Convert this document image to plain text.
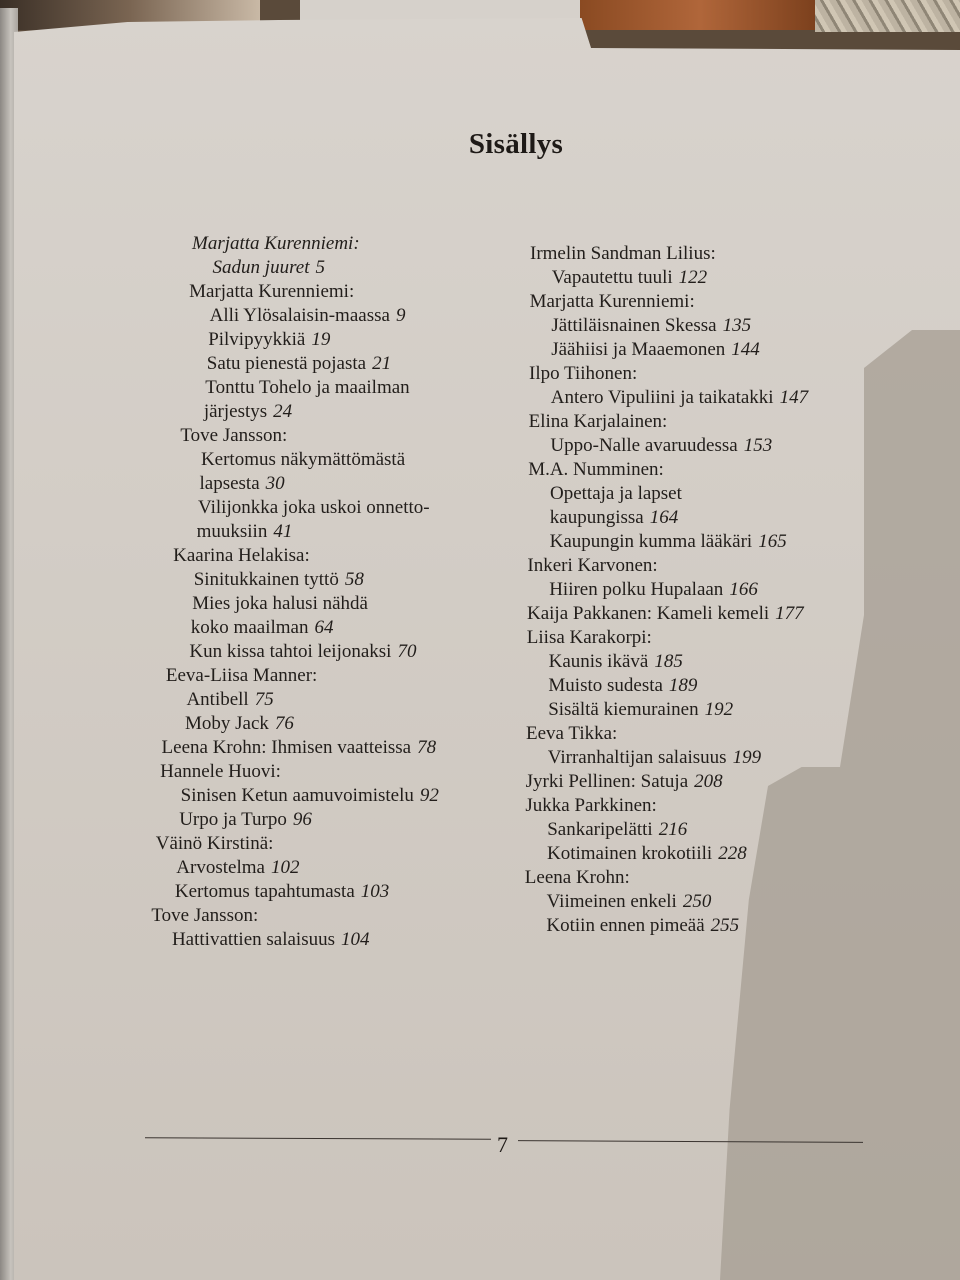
Sisällys
Marjatta Kurenniemi:
Sadun juuret 5
Marjatta Kurenniemi:
Alli Ylösalaisin-maassa 9
Pilvipyykkiä 19
Satu pienestä pojasta 21
Tonttu Tohelo ja maailman
järjestys 24
Tove Jansson:
Kertomus näkymättömästä
lapsesta 30
Vilijonkka joka uskoi onnetto-
muuksiin 41
Kaarina Helakisa:
Sinitukkainen tyttö 58
Mies joka halusi nähdä
koko maailman 64
Kun kissa tahtoi leijonaksi 70
Eeva-Liisa Manner:
Antibell 75
Moby Jack 76
Leena Krohn: Ihmisen vaatteissa 78
Hannele Huovi:
Sinisen Ketun aamuvoimistelu 92
Urpo ja Turpo 96
Väinö Kirstinä:
Arvostelma 102
Kertomus tapahtumasta 103
Tove Jansson:
Hattivattien salaisuus 104
Irmelin Sandman Lilius:
Vapautettu tuuli 122
Marjatta Kurenniemi:
Jättiläisnainen Skessa 135
Jäähiisi ja Maaemonen 144
Ilpo Tiihonen:
Antero Vipuliini ja taikatakki 147
Elina Karjalainen:
Uppo-Nalle avaruudessa 153
M.A. Numminen:
Opettaja ja lapset
kaupungissa 164
Kaupungin kumma lääkäri 165
Inkeri Karvonen:
Hiiren polku Hupalaan 166
Kaija Pakkanen: Kameli kemeli 177
Liisa Karakorpi:
Kaunis ikävä 185
Muisto sudesta 189
Sisältä kiemurainen 192
Eeva Tikka:
Virranhaltijan salaisuus 199
Jyrki Pellinen: Satuja 208
Jukka Parkkinen:
Sankaripelätti 216
Kotimainen krokotiili 228
Leena Krohn:
Viimeinen enkeli 250
Kotiin ennen pimeää 255
7
